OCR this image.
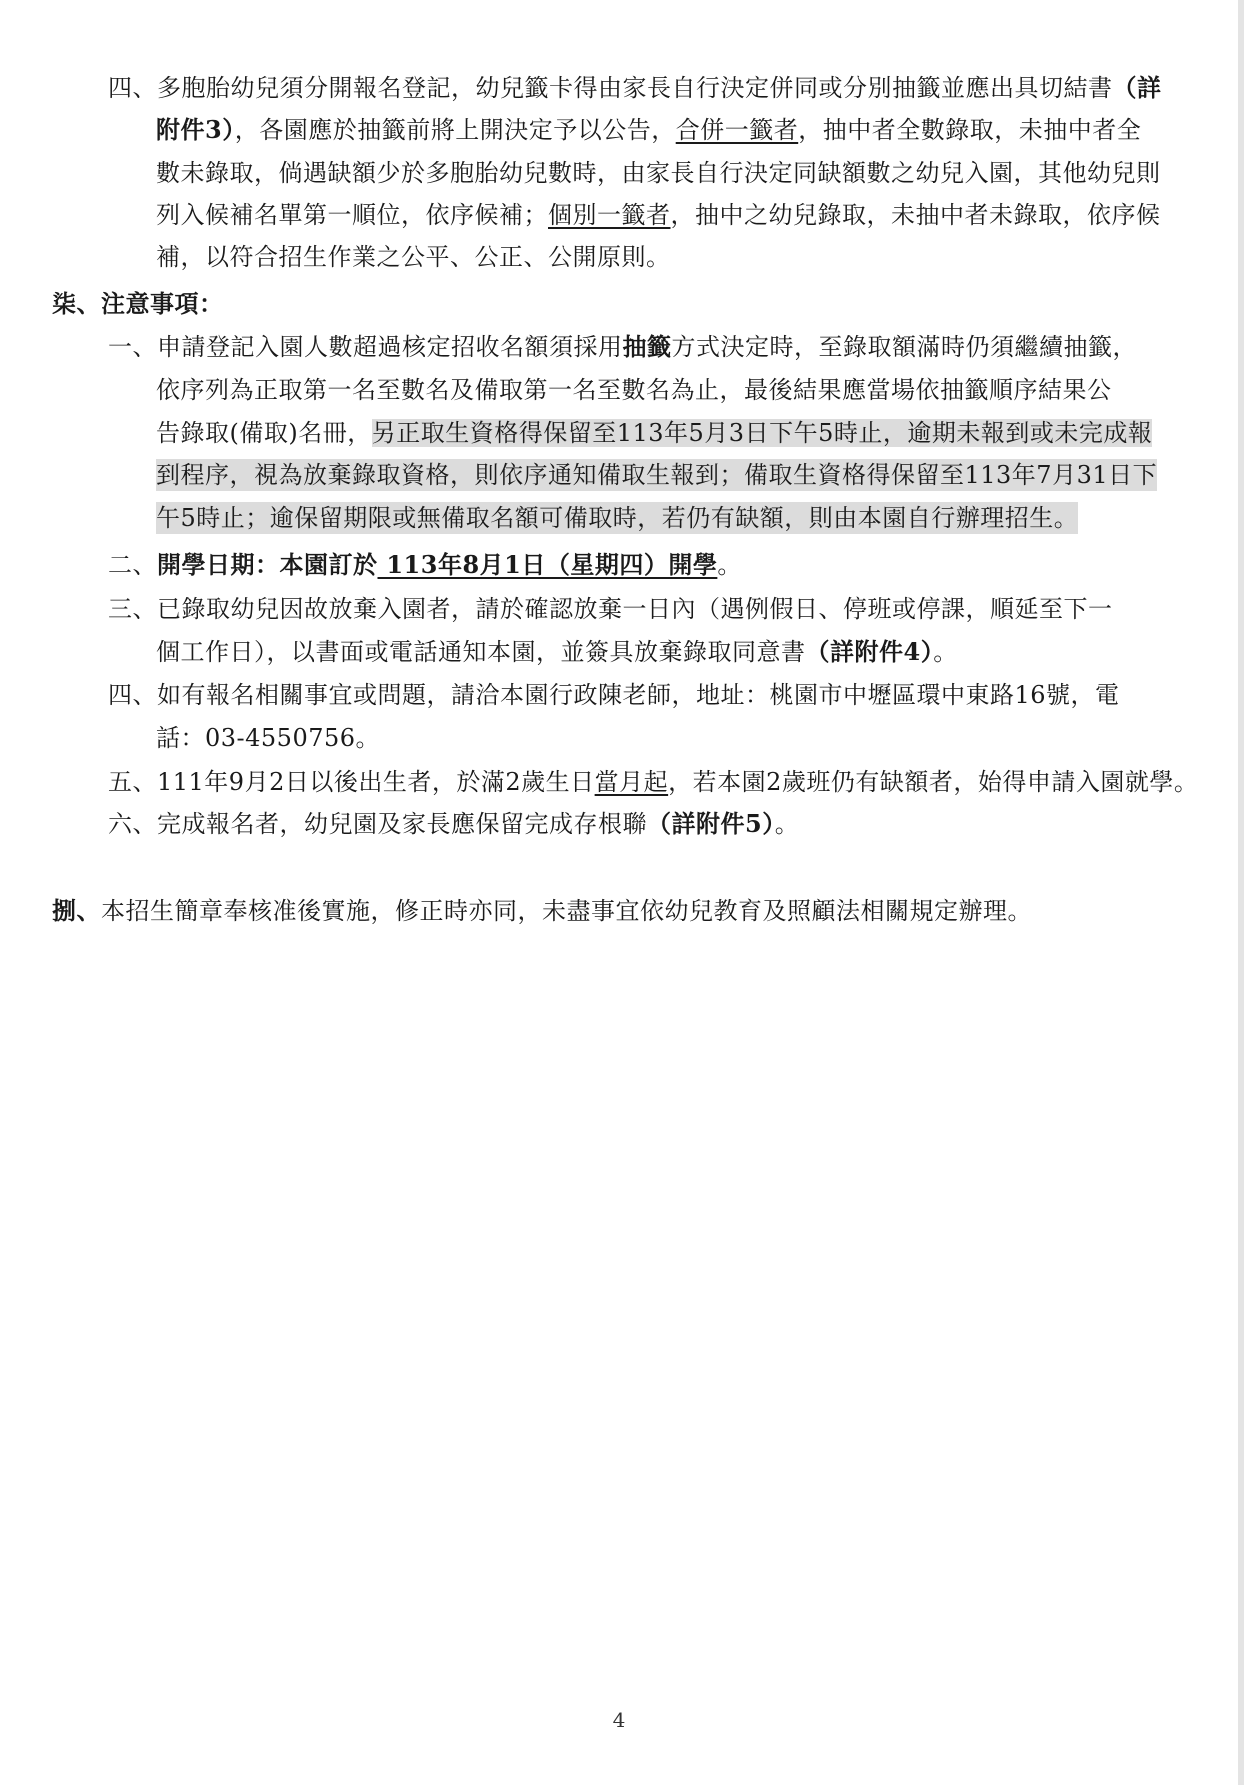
四、多胞胎幼兒須分開報名登記，幼兒籤卡得由家長自行決定併同或分別抽籤並應出具切結書（詳
附件3），各園應於抽籤前將上開決定予以公告，合併一籤者，抽中者全數錄取，未抽中者全
數未錄取，倘遇缺額少於多胞胎幼兒數時，由家長自行決定同缺額數之幼兒入園，其他幼兒則
列入候補名單第一順位，依序候補；個別一籤者，抽中之幼兒錄取，未抽中者未錄取，依序候
補，以符合招生作業之公平、公正、公開原則。
柒、注意事項：
一、申請登記入園人數超過核定招收名額須採用抽籤方式決定時，至錄取額滿時仍須繼續抽籤，
依序列為正取第一名至數名及備取第一名至數名為止，最後結果應當場依抽籤順序結果公
告錄取(備取)名冊，另正取生資格得保留至113年5月3日下午5時止，逾期未報到或未完成報
到程序，視為放棄錄取資格，則依序通知備取生報到；備取生資格得保留至113年7月31日下
午5時止；逾保留期限或無備取名額可備取時，若仍有缺額，則由本園自行辦理招生。
二、開學日期：本園訂於 113年8月1日（星期四）開學。
三、已錄取幼兒因故放棄入園者，請於確認放棄一日內（遇例假日、停班或停課，順延至下一
個工作日），以書面或電話通知本園，並簽具放棄錄取同意書（詳附件4）。
四、如有報名相關事宜或問題，請洽本園行政陳老師，地址：桃園市中壢區環中東路16號，電
話：03-4550756。
五、111年9月2日以後出生者，於滿2歲生日當月起，若本園2歲班仍有缺額者，始得申請入園就學。
六、完成報名者，幼兒園及家長應保留完成存根聯（詳附件5）。
捌、本招生簡章奉核准後實施，修正時亦同，未盡事宜依幼兒教育及照顧法相關規定辦理。
4
